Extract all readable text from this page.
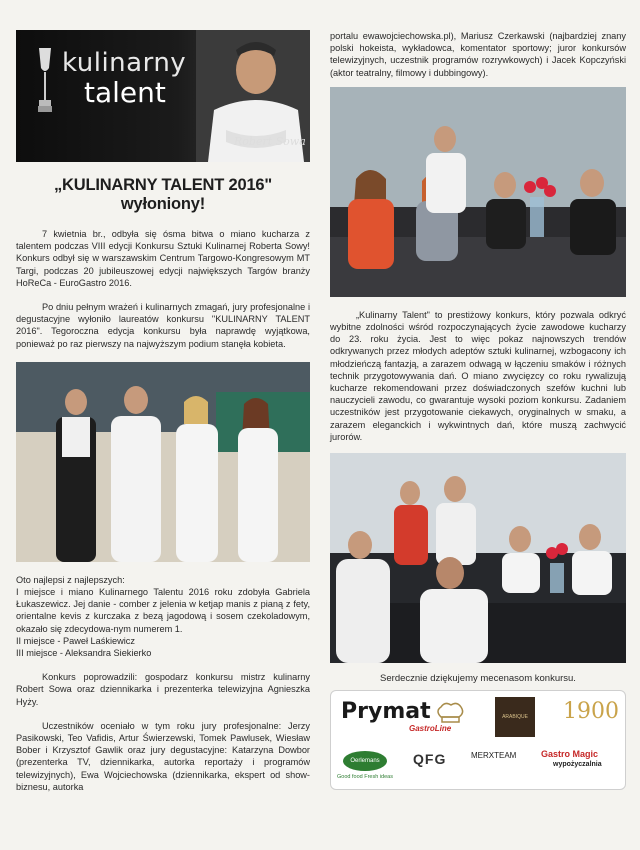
kulinarny
talent
Robert Sowa
„KULINARNY TALENT 2016" wyłoniony!

7 kwietnia br., odbyła się ósma bitwa o miano kucharza z talentem podczas VIII edycji Konkursu Sztuki Kulinarnej Roberta Sowy! Konkurs odbył się w warszawskim Centrum Targowo-Kongresowym MT Targi, podczas 20 jubileuszowej edycji największych Targów branży HoReCa - EuroGastro 2016.

Po dniu pełnym wrażeń i kulinarnych zmagań, jury profesjonalne i degustacyjne wyłoniło laureatów konkursu "KULINARNY TALENT 2016". Tegoroczna edycja konkursu była naprawdę wyjątkowa, ponieważ po raz pierwszy na najwyższym podium stanęła kobieta.

Oto najlepsi z najlepszych:

I miejsce i miano Kulinarnego Talentu 2016 roku zdobyła Gabriela Łukaszewicz. Jej danie - comber z jelenia w ketjap manis z pianą z fety, orientalne kevis z kurczaka z bezą jagodową i sosem czekoladowym, okazało się zdecydowa-nym numerem 1.

II miejsce - Paweł Laśkiewicz

III miejsce - Aleksandra Siekierko

Konkurs poprowadzili: gospodarz konkursu mistrz kulinarny Robert Sowa oraz dziennikarka i prezenterka telewizyjna Agnieszka Hyży.

Uczestników oceniało w tym roku jury profesjonalne: Jerzy Pasikowski, Teo Vafidis, Artur Świerzewski, Tomek Pawlusek, Wiesław Bober i Krzysztof Gawlik oraz jury degustacyjne: Katarzyna Dowbor (prezenterka TV, dziennikarka, autorka reportaży i programów telewizyjnych), Ewa Wojciechowska (dziennikarka, ekspert od show-biznesu, autorka

portalu ewawojciechowska.pl), Mariusz Czerkawski (najbardziej znany polski hokeista, wykładowca, komentator sportowy; juror konkursów telewizyjnych, uczestnik programów rozrywkowych) i Jacek Kopczyński (aktor teatralny, filmowy i dubbingowy).

„Kulinarny Talent" to prestiżowy konkurs, który pozwala odkryć wybitne zdolności wśród rozpoczynających życie zawodowe kucharzy do 23. roku życia. Jest to więc pokaz najnowszych trendów odkrywanych przez młodych adeptów sztuki kulinarnej, wzbogacony ich młodzieńczą fantazją, a zarazem odwagą w łączeniu smaków i różnych technik przygotowywania dań. O miano zwycięzcy co roku rywalizują kucharze rekomendowani przez doświadczonych szefów kuchni lub nauczycieli zawodu, co gwarantuje wysoki poziom konkursu. Zadaniem uczestników jest przygotowanie ciekawych, oryginalnych w smaku, a zarazem eleganckich i wykwintnych dań, które muszą zachwycić jurorów.

Serdecznie dziękujemy mecenasom konkursu.
Prymat
GastroLine
ARABIQUE	1900
Oerlemans
Good food Fresh ideas
QFG	MERXTEAM	Gastro Magic
wypożyczalnia
